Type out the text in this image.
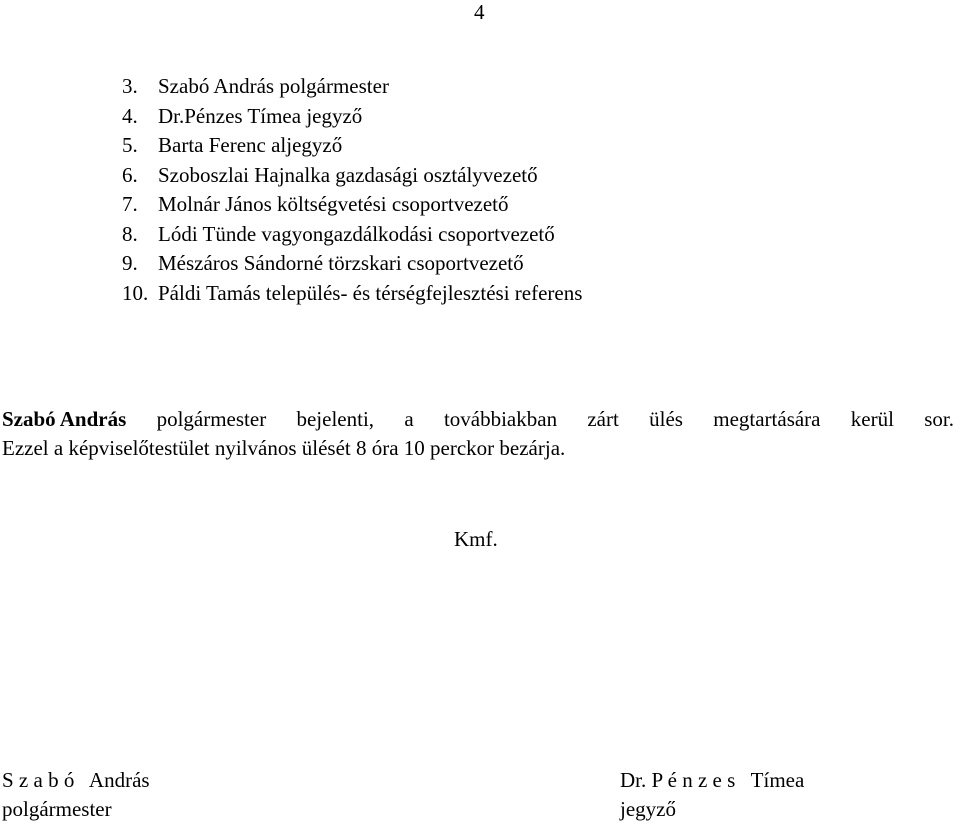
4
3. Szabó András polgármester
4. Dr.Pénzes Tímea jegyző
5. Barta Ferenc aljegyző
6. Szoboszlai Hajnalka gazdasági osztályvezető
7. Molnár János költségvetési csoportvezető
8. Lódi Tünde vagyongazdálkodási csoportvezető
9. Mészáros Sándorné törzskari csoportvezető
10. Páldi Tamás település- és térségfejlesztési referens
Szabó András polgármester bejelenti, a továbbiakban zárt ülés megtartására kerül sor.
Ezzel a képviselőtestület nyilvános ülését 8 óra 10 perckor bezárja.
Kmf.
S z a b ó   András
polgármester
Dr. P é n z e s   Tímea
jegyző
